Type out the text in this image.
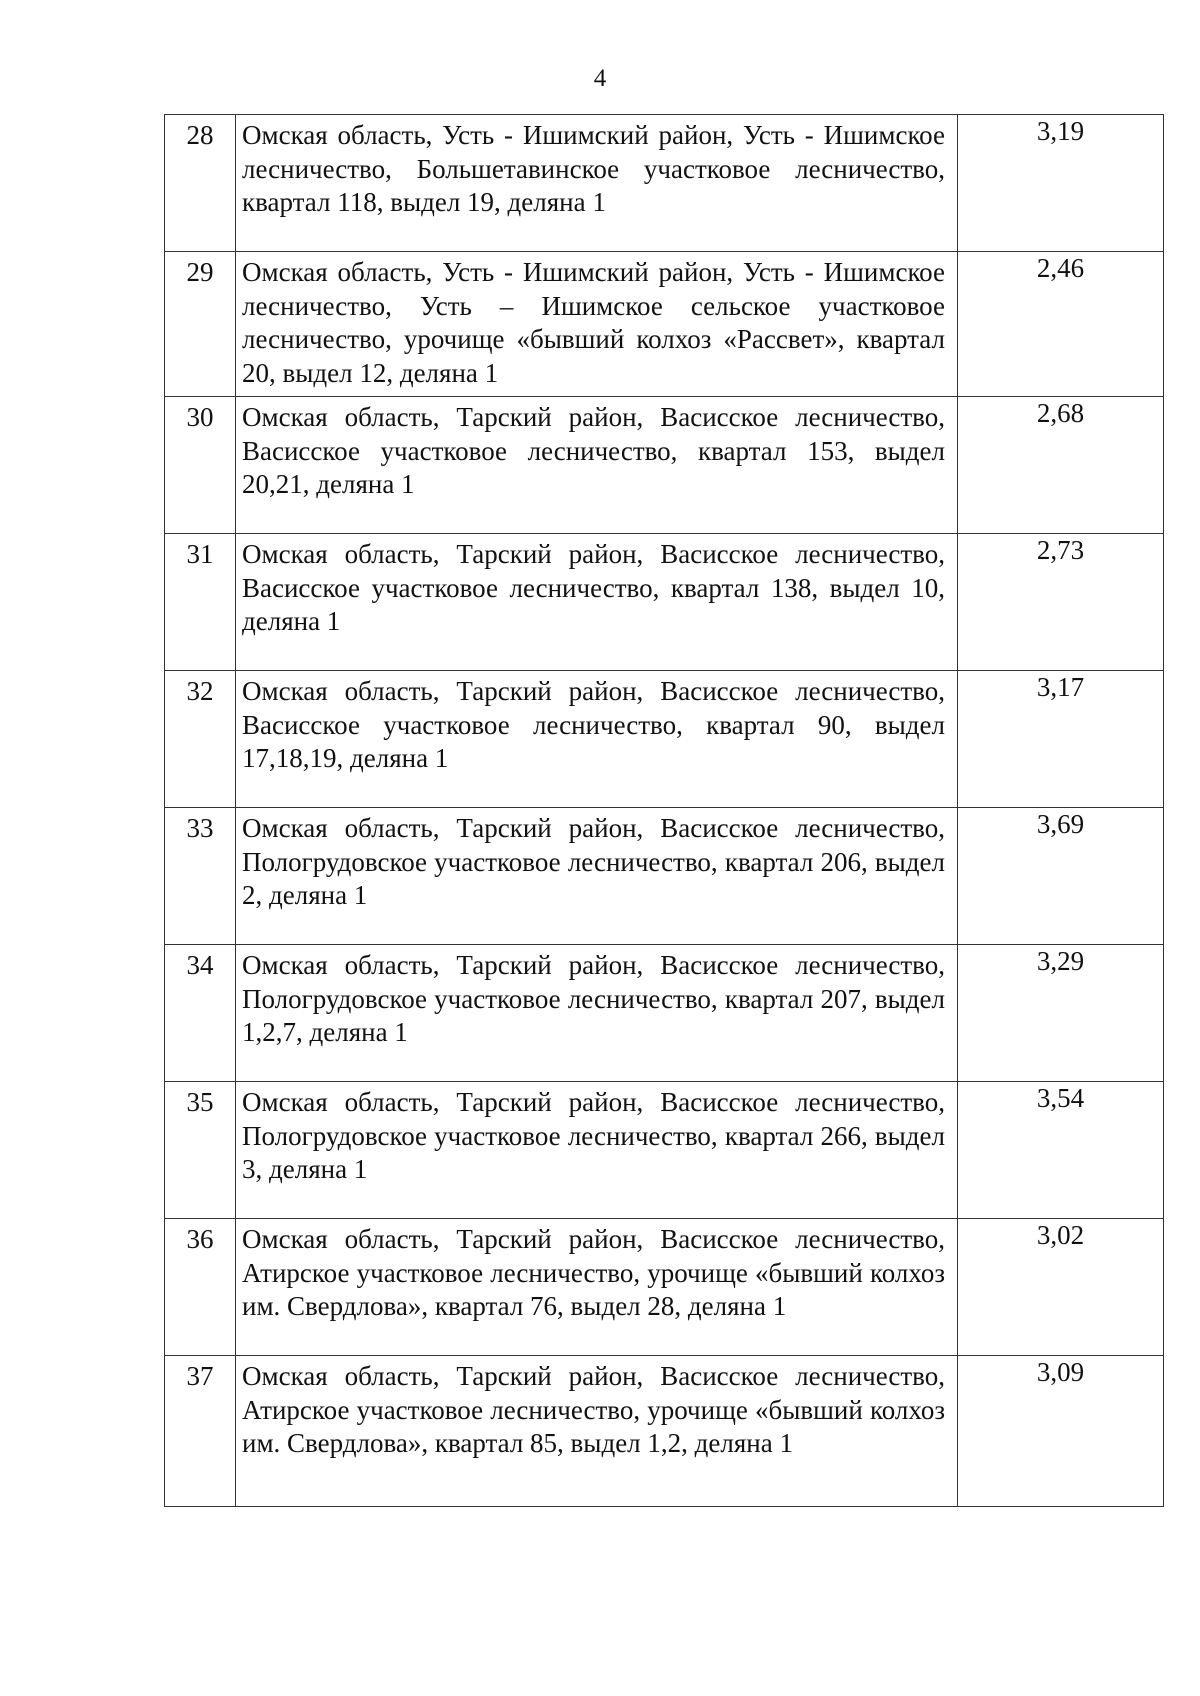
4
28	Омская область, Усть - Ишимский район, Усть - Ишимское лесничество, Большетавинское участковое лесничество, квартал 118, выдел 19, деляна 1	3,19
29	Омская область, Усть - Ишимский район, Усть - Ишимское лесничество, Усть – Ишимское сельское участковое лесничество, урочище «бывший колхоз «Рассвет», квартал 20, выдел 12, деляна 1	2,46
30	Омская область, Тарский район, Васисское лесничество, Васисское участковое лесничество, квартал 153, выдел 20,21, деляна 1	2,68
31	Омская область, Тарский район, Васисское лесничество, Васисское участковое лесничество, квартал 138, выдел 10, деляна 1	2,73
32	Омская область, Тарский район, Васисское лесничество, Васисское участковое лесничество, квартал 90, выдел 17,18,19, деляна 1	3,17
33	Омская область, Тарский район, Васисское лесничество, Пологрудовское участковое лесничество, квартал 206, выдел 2, деляна 1	3,69
34	Омская область, Тарский район, Васисское лесничество, Пологрудовское участковое лесничество, квартал 207, выдел 1,2,7, деляна 1	3,29
35	Омская область, Тарский район, Васисское лесничество, Пологрудовское участковое лесничество, квартал 266, выдел 3, деляна 1	3,54
36	Омская область, Тарский район, Васисское лесничество, Атирское участковое лесничество, урочище «бывший колхоз им. Свердлова», квартал 76, выдел 28, деляна 1	3,02
37	Омская область, Тарский район, Васисское лесничество, Атирское участковое лесничество, урочище «бывший колхоз им. Свердлова», квартал 85, выдел 1,2, деляна 1	3,09
